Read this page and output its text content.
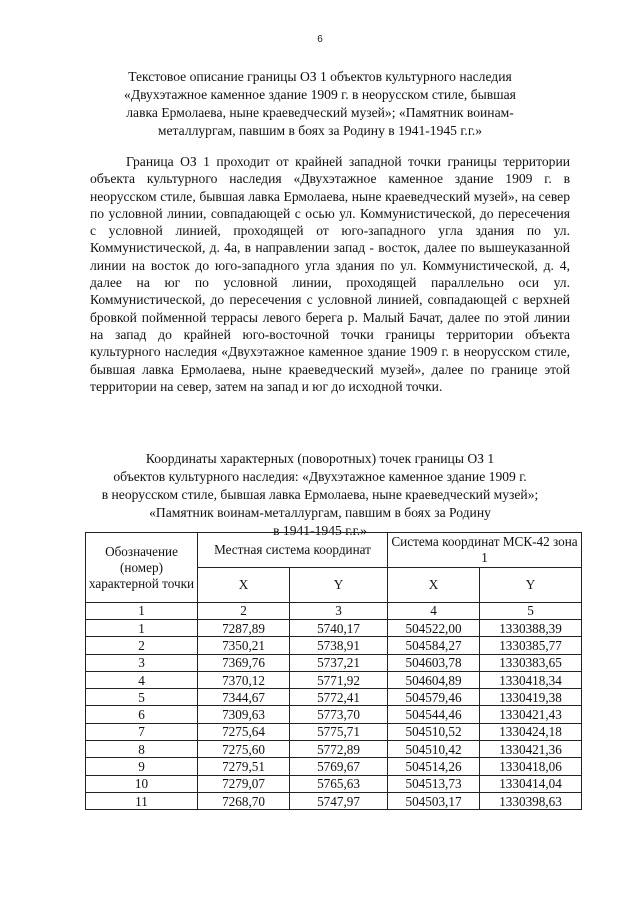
6
Текстовое описание границы ОЗ 1 объектов культурного наследия
«Двухэтажное каменное здание 1909 г. в неорусском стиле, бывшая
лавка Ермолаева, ныне краеведческий музей»; «Памятник воинам-
металлургам, павшим в боях за Родину в 1941-1945 г.г.»

Граница ОЗ 1 проходит от крайней западной точки границы территории объекта культурного наследия «Двухэтажное каменное здание 1909 г. в неорусском стиле, бывшая лавка Ермолаева, ныне краеведческий музей», на север по условной линии, совпадающей с осью ул. Коммунистической, до пересечения с условной линией, проходящей от юго-западного угла здания по ул. Коммунистической, д. 4а, в направлении запад - восток, далее по вышеуказанной линии на восток до юго-западного угла здания по ул. Коммунистической, д. 4, далее на юг по условной линии, проходящей параллельно оси ул. Коммунистической, до пересечения с условной линией, совпадающей с верхней бровкой пойменной террасы левого берега р. Малый Бачат, далее по этой линии на запад до крайней юго-восточной точки границы территории объекта культурного наследия «Двухэтажное каменное здание 1909 г. в неорусском стиле, бывшая лавка Ермолаева, ныне краеведческий музей», далее по границе этой территории на север, затем на запад и юг до исходной точки.

Координаты характерных (поворотных) точек границы ОЗ 1
объектов культурного наследия: «Двухэтажное каменное здание 1909 г.
в неорусском стиле, бывшая лавка Ермолаева, ныне краеведческий музей»;
«Памятник воинам-металлургам, павшим в боях за Родину
в 1941-1945 г.г.»
Обозначение (номер) характерной точки	Местная система координат		Система координат МСК-42 зона 1	
	X	Y	X	Y
1	2	3	4	5
1	7287,89	5740,17	504522,00	1330388,39
2	7350,21	5738,91	504584,27	1330385,77
3	7369,76	5737,21	504603,78	1330383,65
4	7370,12	5771,92	504604,89	1330418,34
5	7344,67	5772,41	504579,46	1330419,38
6	7309,63	5773,70	504544,46	1330421,43
7	7275,64	5775,71	504510,52	1330424,18
8	7275,60	5772,89	504510,42	1330421,36
9	7279,51	5769,67	504514,26	1330418,06
10	7279,07	5765,63	504513,73	1330414,04
11	7268,70	5747,97	504503,17	1330398,63
